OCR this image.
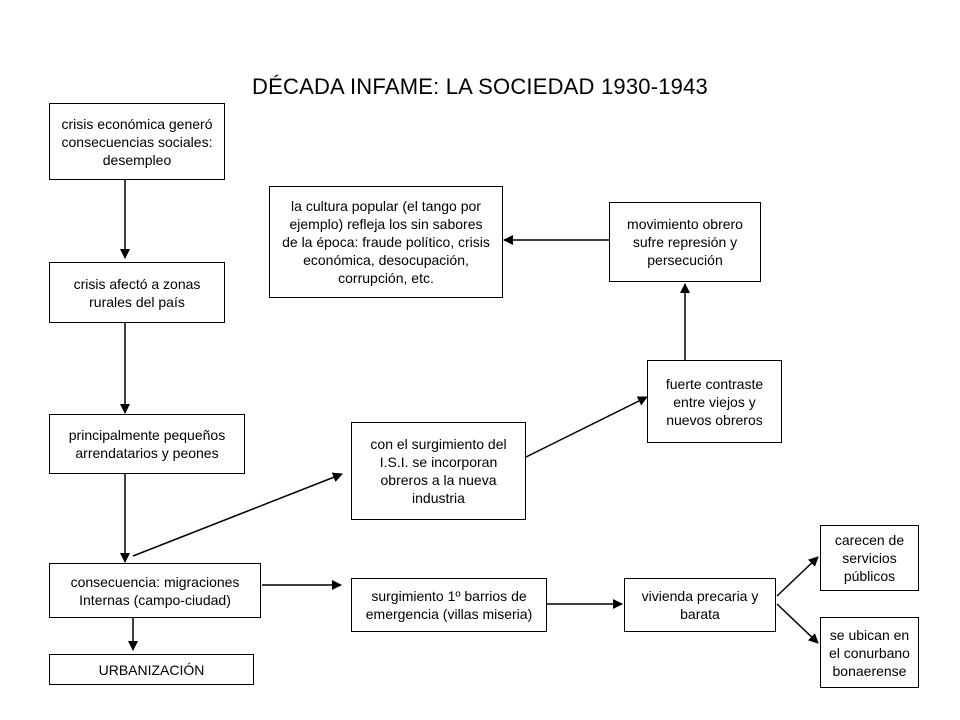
DÉCADA INFAME: LA SOCIEDAD 1930-1943
crisis económica generó consecuencias sociales: desempleo
crisis afectó a zonas rurales del país
principalmente pequeños arrendatarios y peones
consecuencia: migraciones Internas (campo-ciudad)
URBANIZACIÓN
la cultura popular (el tango por ejemplo) refleja los sin sabores de la época: fraude político, crisis económica, desocupación, corrupción, etc.
movimiento obrero sufre represión y persecución
fuerte contraste entre viejos y nuevos obreros
con el surgimiento del I.S.I. se incorporan obreros a la nueva industria
surgimiento 1º barrios de emergencia (villas miseria)
vivienda precaria y barata
carecen de servicios públicos
se ubican en el conurbano bonaerense
